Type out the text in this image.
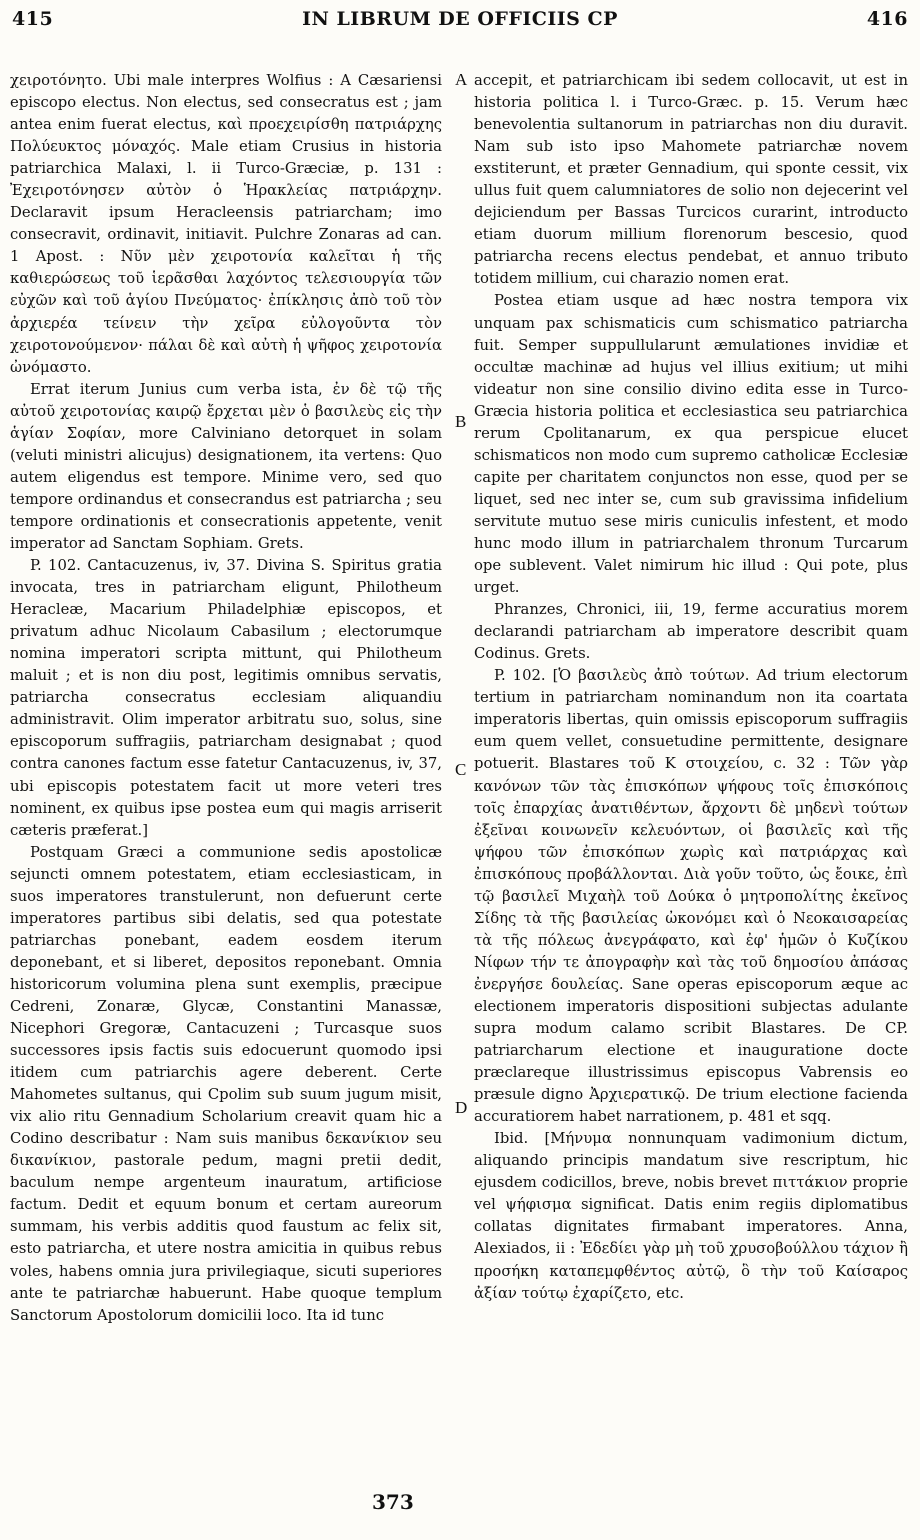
415	IN LIBRUM DE OFFICIIS CP	416

χειροτόνητο. Ubi male interpres Wolfius : A Cæsariensi episcopo electus. Non electus, sed consecratus est ; jam antea enim fuerat electus, καὶ προεχειρίσθη πατριάρχης Πολύευκτος μόναχός. Male etiam Crusius in historia patriarchica Malaxi, l. ii Turco-Græciæ, p. 131 : Ἐχειροτόνησεν αὐτὸν ὁ Ἡρακλείας πατριάρχην. Declaravit ipsum Heracleensis patriarcham; imo consecravit, ordinavit, initiavit. Pulchre Zonaras ad can. 1 Apost. : Νῦν μὲν χειροτονία καλεῖται ἡ τῆς καθιερώσεως τοῦ ἱερᾶσθαι λαχόντος τελεσιουργία τῶν εὐχῶν καὶ τοῦ ἁγίου Πνεύματος· ἐπίκλησις ἀπὸ τοῦ τὸν ἀρχιερέα τείνειν τὴν χεῖρα εὐλογοῦντα τὸν χειροτονούμενον· πάλαι δὲ καὶ αὐτὴ ἡ ψῆφος χειροτονία ὠνόμαστο.

Errat iterum Junius cum verba ista, ἐν δὲ τῷ τῆς αὐτοῦ χειροτονίας καιρῷ ἔρχεται μὲν ὁ βασιλεὺς εἰς τὴν ἁγίαν Σοφίαν, more Calviniano detorquet in solam (veluti ministri alicujus) designationem, ita vertens: Quo autem eligendus est tempore. Minime vero, sed quo tempore ordinandus et consecrandus est patriarcha ; seu tempore ordinationis et consecrationis appetente, venit imperator ad Sanctam Sophiam. Grets.

P. 102. Cantacuzenus, iv, 37. Divina S. Spiritus gratia invocata, tres in patriarcham eligunt, Philotheum Heracleæ, Macarium Philadelphiæ episcopos, et privatum adhuc Nicolaum Cabasilum ; electorumque nomina imperatori scripta mittunt, qui Philotheum maluit ; et is non diu post, legitimis omnibus servatis, patriarcha consecratus ecclesiam aliquandiu administravit. Olim imperator arbitratu suo, solus, sine episcoporum suffragiis, patriarcham designabat ; quod contra canones factum esse fatetur Cantacuzenus, iv, 37, ubi episcopis potestatem facit ut more veteri tres nominent, ex quibus ipse postea eum qui magis arriserit cæteris præferat.]

Postquam Græci a communione sedis apostolicæ sejuncti omnem potestatem, etiam ecclesiasticam, in suos imperatores transtulerunt, non defuerunt certe imperatores partibus sibi delatis, sed qua potestate patriarchas ponebant, eadem eosdem iterum deponebant, et si liberet, depositos reponebant. Omnia historicorum volumina plena sunt exemplis, præcipue Cedreni, Zonaræ, Glycæ, Constantini Manassæ, Nicephori Gregoræ, Cantacuzeni ; Turcasque suos successores ipsis factis suis edocuerunt quomodo ipsi itidem cum patriarchis agere deberent. Certe Mahometes sultanus, qui Cpolim sub suum jugum misit, vix alio ritu Gennadium Scholarium creavit quam hic a Codino describatur : Nam suis manibus δεκανίκιον seu δικανίκιον, pastorale pedum, magni pretii dedit, baculum nempe argenteum inauratum, artificiose factum. Dedit et equum bonum et certam aureorum summam, his verbis additis quod faustum ac felix sit, esto patriarcha, et utere nostra amicitia in quibus rebus voles, habens omnia jura privilegiaque, sicuti superiores ante te patriarchæ habuerunt. Habe quoque templum Sanctorum Apostolorum domicilii loco. Ita id tunc

accepit, et patriarchicam ibi sedem collocavit, ut est in historia politica l. i Turco-Græc. p. 15. Verum hæc benevolentia sultanorum in patriarchas non diu duravit. Nam sub isto ipso Mahomete patriarchæ novem exstiterunt, et præter Gennadium, qui sponte cessit, vix ullus fuit quem calumniatores de solio non dejecerint vel dejiciendum per Bassas Turcicos curarint, introducto etiam duorum millium florenorum bescesio, quod patriarcha recens electus pendebat, et annuo tributo totidem millium, cui charazio nomen erat.

Postea etiam usque ad hæc nostra tempora vix unquam pax schismaticis cum schismatico patriarcha fuit. Semper suppullularunt æmulationes invidiæ et occultæ machinæ ad hujus vel illius exitium; ut mihi videatur non sine consilio divino edita esse in Turco-Græcia historia politica et ecclesiastica seu patriarchica rerum Cpolitanarum, ex qua perspicue elucet schismaticos non modo cum supremo catholicæ Ecclesiæ capite per charitatem conjunctos non esse, quod per se liquet, sed nec inter se, cum sub gravissima infidelium servitute mutuo sese miris cuniculis infestent, et modo hunc modo illum in patriarchalem thronum Turcarum ope sublevent. Valet nimirum hic illud : Qui pote, plus urget.

Phranzes, Chronici, iii, 19, ferme accuratius morem declarandi patriarcham ab imperatore describit quam Codinus. Grets.

P. 102. [Ὁ βασιλεὺς ἀπὸ τούτων. Ad trium electorum tertium in patriarcham nominandum non ita coartata imperatoris libertas, quin omissis episcoporum suffragiis eum quem vellet, consuetudine permittente, designare potuerit. Blastares τοῦ Κ στοιχείου, c. 32 : Τῶν γὰρ κανόνων τῶν τὰς ἐπισκόπων ψήφους τοῖς ἐπισκόποις τοῖς ἐπαρχίας ἀνατιθέντων, ἄρχοντι δὲ μηδενὶ τούτων ἐξεῖναι κοινωνεῖν κελευόντων, οἱ βασιλεῖς καὶ τῆς ψήφου τῶν ἐπισκόπων χωρὶς καὶ πατριάρχας καὶ ἐπισκόπους προβάλλονται. Διὰ γοῦν τοῦτο, ὡς ἔοικε, ἐπὶ τῷ βασιλεῖ Μιχαὴλ τοῦ Δούκα ὁ μητροπολίτης ἐκεῖνος Σίδης τὰ τῆς βασιλείας ὠκονόμει καὶ ὁ Νεοκαισαρείας τὰ τῆς πόλεως ἀνεγράφατο, καὶ ἐφ' ἡμῶν ὁ Κυζίκου Νίφων τήν τε ἀπογραφὴν καὶ τὰς τοῦ δημοσίου ἀπάσας ἐνεργήσε δουλείας. Sane operas episcoporum æque ac electionem imperatoris dispositioni subjectas adulante supra modum calamo scribit Blastares. De CP. patriarcharum electione et inauguratione docte præclareque illustrissimus episcopus Vabrensis eo præsule digno Ἀρχιερατικῷ. De trium electione facienda accuratiorem habet narrationem, p. 481 et sqq.

Ibid. [Μήνυμα nonnunquam vadimonium dictum, aliquando principis mandatum sive rescriptum, hic ejusdem codicillos, breve, nobis brevet πιττάκιον proprie vel ψήφισμα significat. Datis enim regiis diplomatibus collatas dignitates firmabant imperatores. Anna, Alexiados, ii : Ἐδεδίει γὰρ μὴ τοῦ χρυσοβούλλου τάχιον ἢ προσήκη καταπεμφθέντος αὐτῷ, ὃ τὴν τοῦ Καίσαρος ἀξίαν τούτῳ ἐχαρίζετο, etc.

A
B
C
D
373
